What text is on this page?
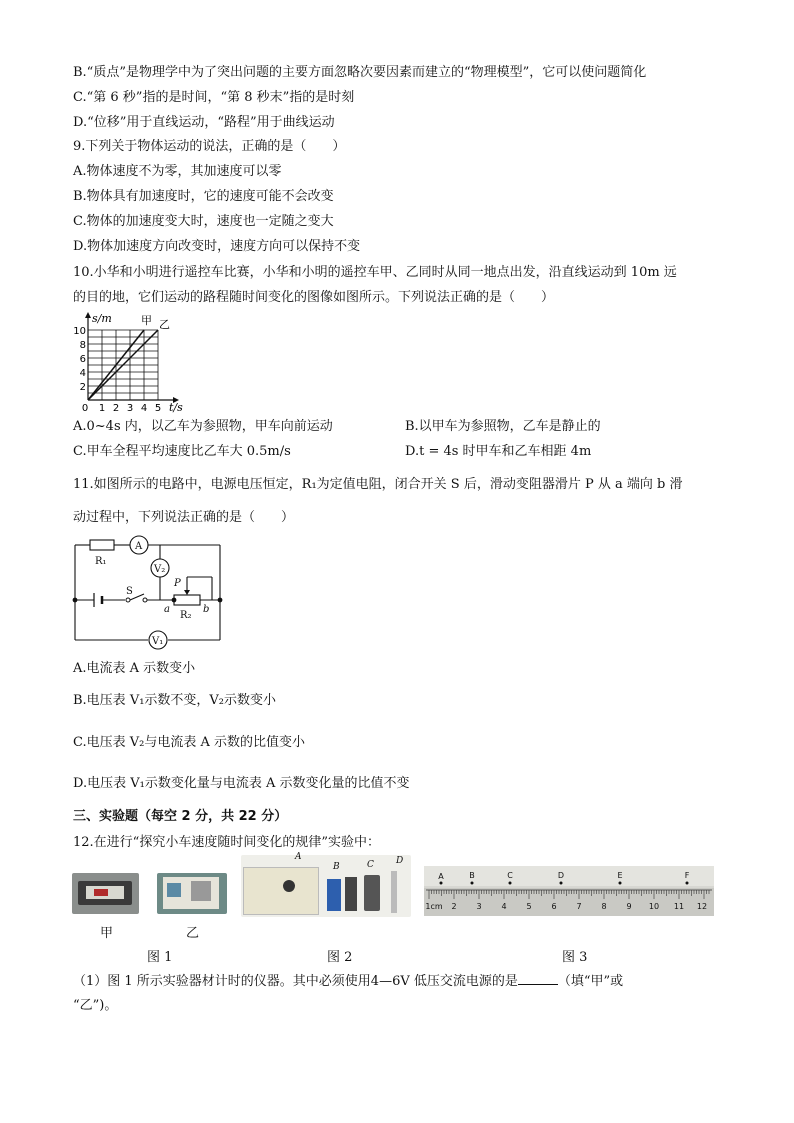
B.“质点”是物理学中为了突出问题的主要方面忽略次要因素而建立的“物理模型”，它可以使问题简化
C.“第 6 秒”指的是时间，“第 8 秒末”指的是时刻
D.“位移”用于直线运动，“路程”用于曲线运动
9.下列关于物体运动的说法，正确的是（　　）
A.物体速度不为零，其加速度可以零
B.物体具有加速度时，它的速度可能不会改变
C.物体的加速度变大时，速度也一定随之变大
D.物体加速度方向改变时，速度方向可以保持不变
10.小华和小明进行遥控车比赛，小华和小明的遥控车甲、乙同时从同一地点出发，沿直线运动到 10m 远
的目的地，它们运动的路程随时间变化的图像如图所示。下列说法正确的是（　　）
s/m	甲 乙
10
8
6
4
2
0 1 2 3 4 5 t/s
A.0~4s 内，以乙车为参照物，甲车向前运动	B.以甲车为参照物，乙车是静止的
C.甲车全程平均速度比乙车大 0.5m/s	D.t = 4s 时甲车和乙车相距 4m
11.如图所示的电路中，电源电压恒定，R₁为定值电阻，闭合开关 S 后，滑动变阻器滑片 P 从 a 端向 b 滑
动过程中，下列说法正确的是（　　）
R₁
A
V₂
S
P
a	b
R₂
V₁
A.电流表 A 示数变小
B.电压表 V₁示数不变，V₂示数变小
C.电压表 V₂与电流表 A 示数的比值变小
D.电压表 V₁示数变化量与电流表 A 示数变化量的比值不变
三、实验题（每空 2 分，共 22 分）
12.在进行“探究小车速度随时间变化的规律”实验中：
甲	乙
A
B	C D
A	B	C	D	E	F
1cm 2 3 4 5 6 7 8 9 10 11 12
图 1	图 2	图 3
（1）图 1 所示实验器材计时的仪器。其中必须使用4—6V 低压交流电源的是	（填“甲”或
“乙”)。
